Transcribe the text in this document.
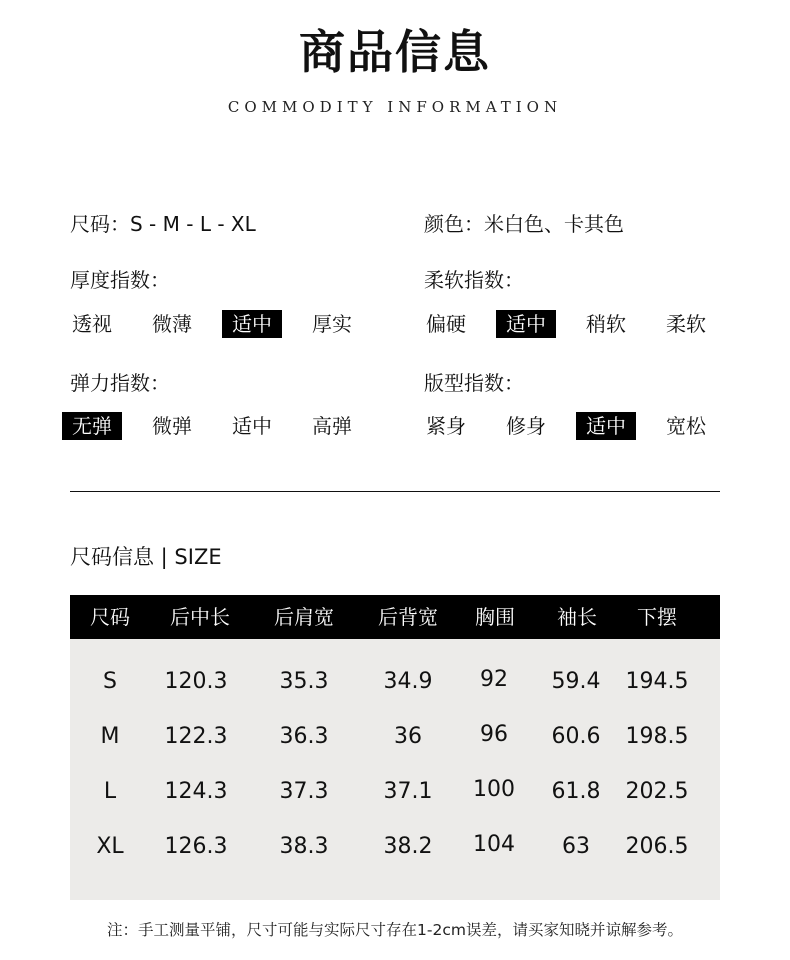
商品信息
COMMODITY INFORMATION
尺码：S - M - L - XL	颜色：米白色、卡其色
厚度指数：
透视	微薄	适中	厚实
柔软指数：
偏硬	适中	稍软	柔软
弹力指数：
无弹	微弹	适中	高弹
版型指数：
紧身	修身	适中	宽松
尺码信息 | SIZE
尺码 后中长 后肩宽 后背宽 胸围 袖长 下摆
S 120.3 35.3	34.9 92 59.4 194.5
M 122.3 36.3	36	96 60.6 198.5
L 124.3 37.3	37.1 100 61.8 202.5
XL 126.3 38.3	38.2 104 63 206.5
注：手工测量平铺，尺寸可能与实际尺寸存在1-2cm误差，请买家知晓并谅解参考。
